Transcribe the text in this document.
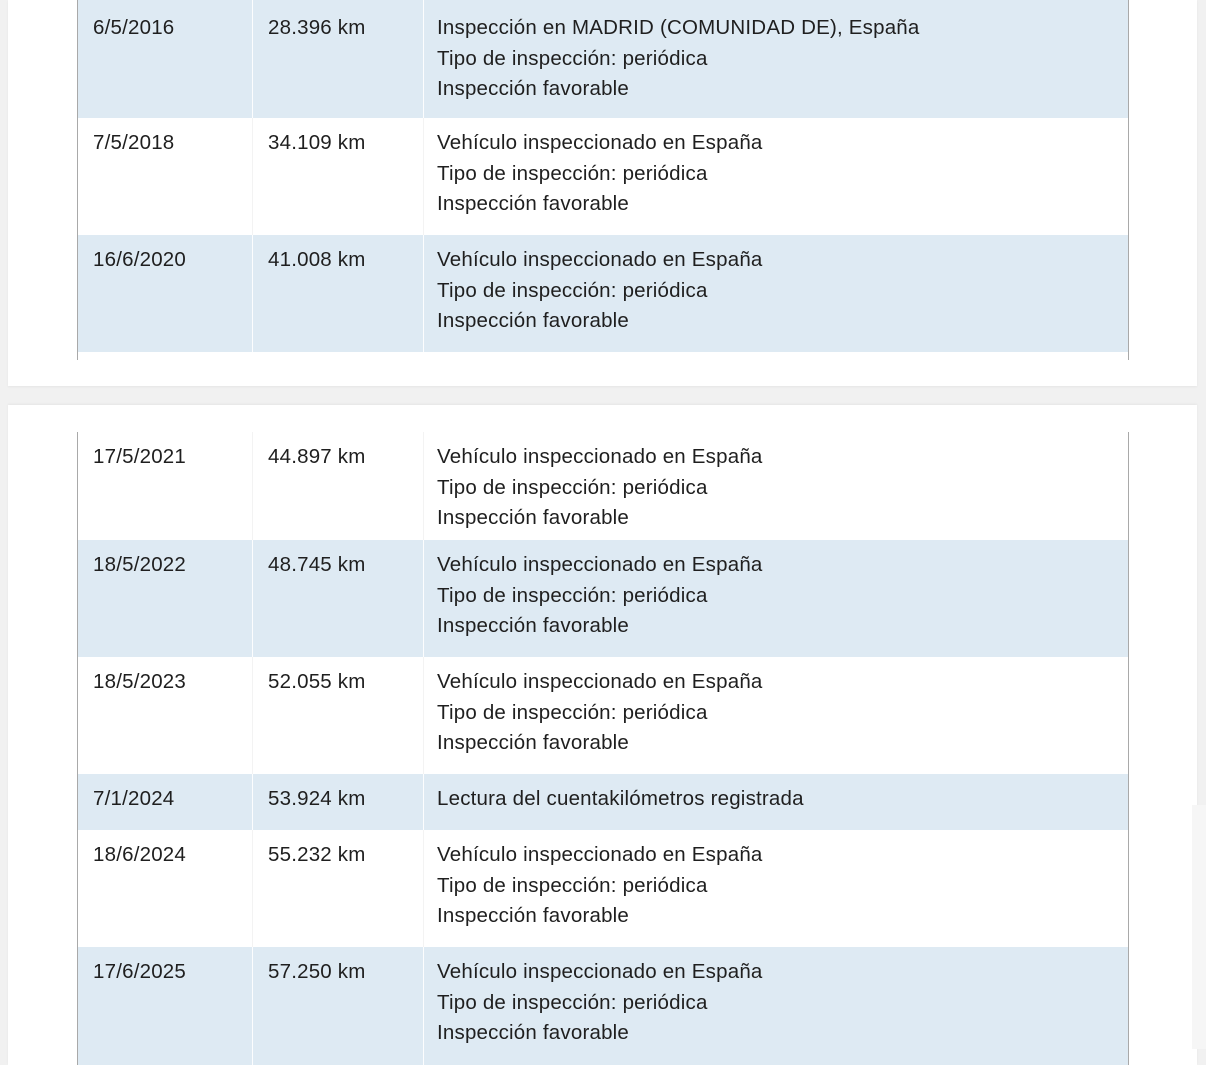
6/5/2016	28.396 km	Inspección en MADRID (COMUNIDAD DE), España
Tipo de inspección: periódica
Inspección favorable
7/5/2018	34.109 km	Vehículo inspeccionado en España
Tipo de inspección: periódica
Inspección favorable
16/6/2020	41.008 km	Vehículo inspeccionado en España
Tipo de inspección: periódica
Inspección favorable
17/5/2021	44.897 km	Vehículo inspeccionado en España
Tipo de inspección: periódica
Inspección favorable
18/5/2022	48.745 km	Vehículo inspeccionado en España
Tipo de inspección: periódica
Inspección favorable
18/5/2023	52.055 km	Vehículo inspeccionado en España
Tipo de inspección: periódica
Inspección favorable
7/1/2024	53.924 km	Lectura del cuentakilómetros registrada
18/6/2024	55.232 km	Vehículo inspeccionado en España
Tipo de inspección: periódica
Inspección favorable
17/6/2025	57.250 km	Vehículo inspeccionado en España
Tipo de inspección: periódica
Inspección favorable
